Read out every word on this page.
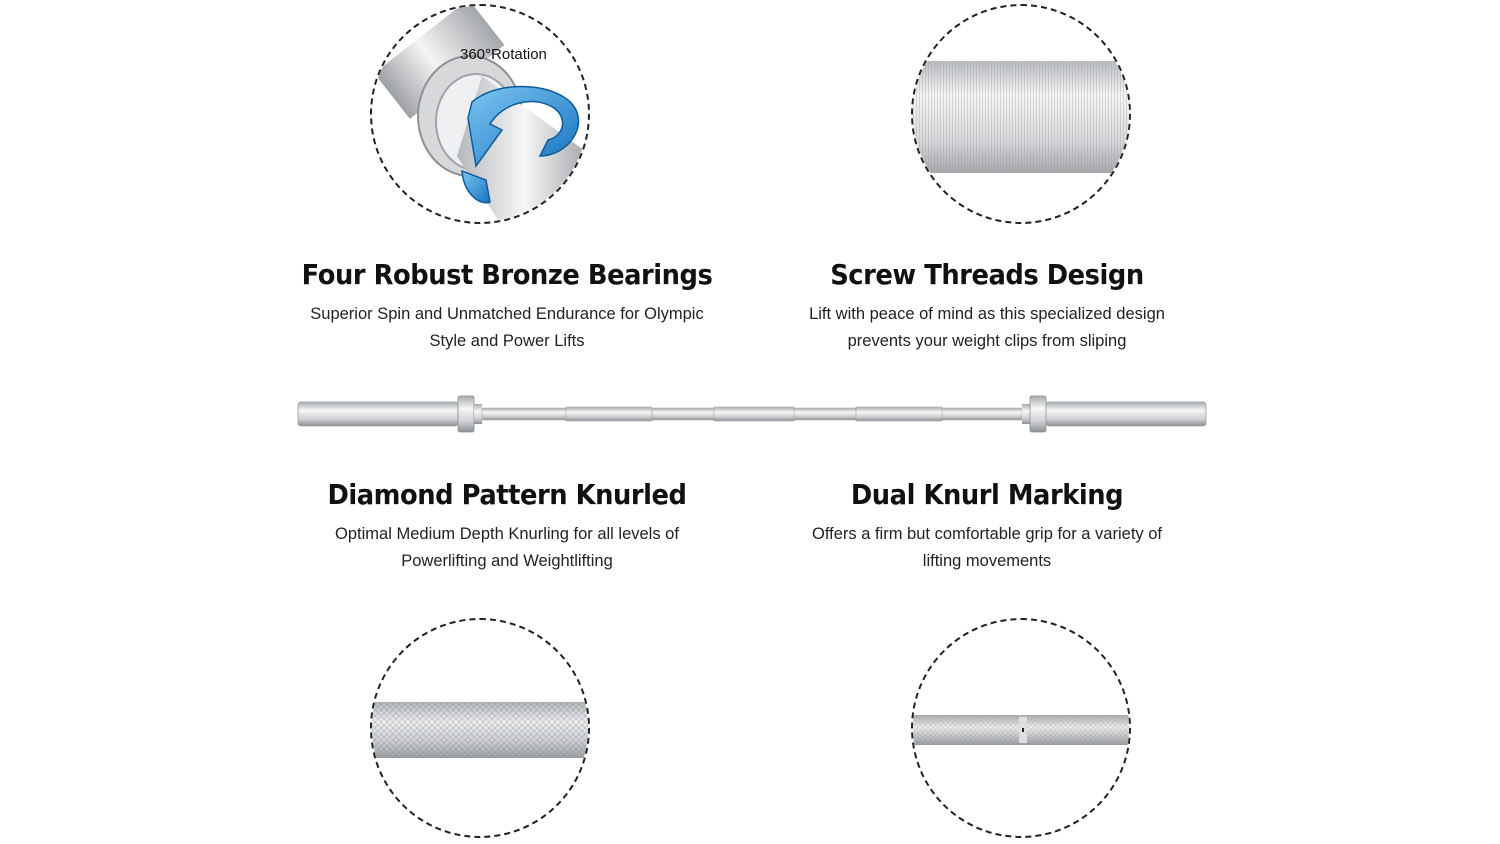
360°Rotation
Four Robust Bronze Bearings

Superior Spin and Unmatched Endurance for Olympic
Style and Power Lifts

Screw Threads Design

Lift with peace of mind as this specialized design
prevents your weight clips from sliping

Diamond Pattern Knurled

Optimal Medium Depth Knurling for all levels of
Powerlifting and Weightlifting

Dual Knurl Marking

Offers a firm but comfortable grip for a variety of
lifting movements
